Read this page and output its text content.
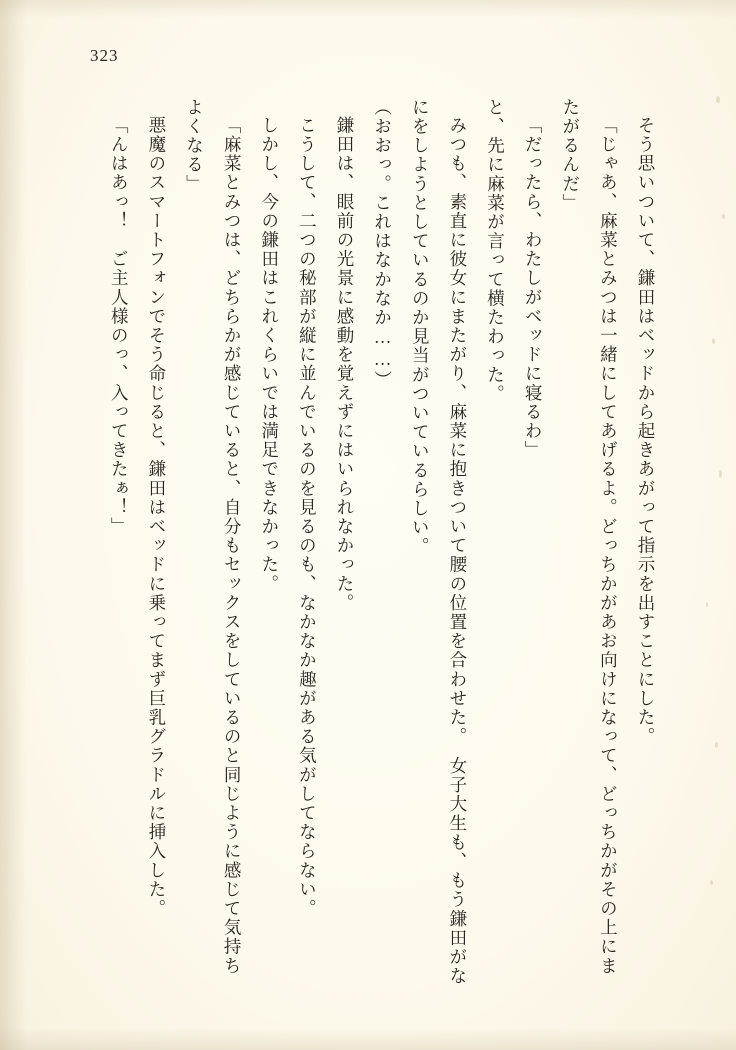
323

そう思いついて、鎌田はベッドから起きあがって指示を出すことにした。

「じゃあ、麻菜とみつは一緒にしてあげるよ。どっちかがあお向けになって、どっちかがその上にまたがるんだ」

「だったら、わたしがベッドに寝るわ」

と、先に麻菜が言って横たわった。

みつも、素直に彼女にまたがり、麻菜に抱きついて腰の位置を合わせた。　女子大生も、もう鎌田がなにをしようとしているのか見当がついているらしい。

（おおっ。これはなかなか……）

鎌田は、眼前の光景に感動を覚えずにはいられなかった。

こうして、二つの秘部が縦に並んでいるのを見るのも、なかなか趣がある気がしてならない。

しかし、今の鎌田はこれくらいでは満足できなかった。

「麻菜とみつは、どちらかが感じていると、自分もセックスをしているのと同じように感じて気持ちよくなる」

悪魔のスマートフォンでそう命じると、鎌田はベッドに乗ってまず巨乳グラドルに挿入した。

「んはあっ！　ご主人様のっ、入ってきたぁ！」
